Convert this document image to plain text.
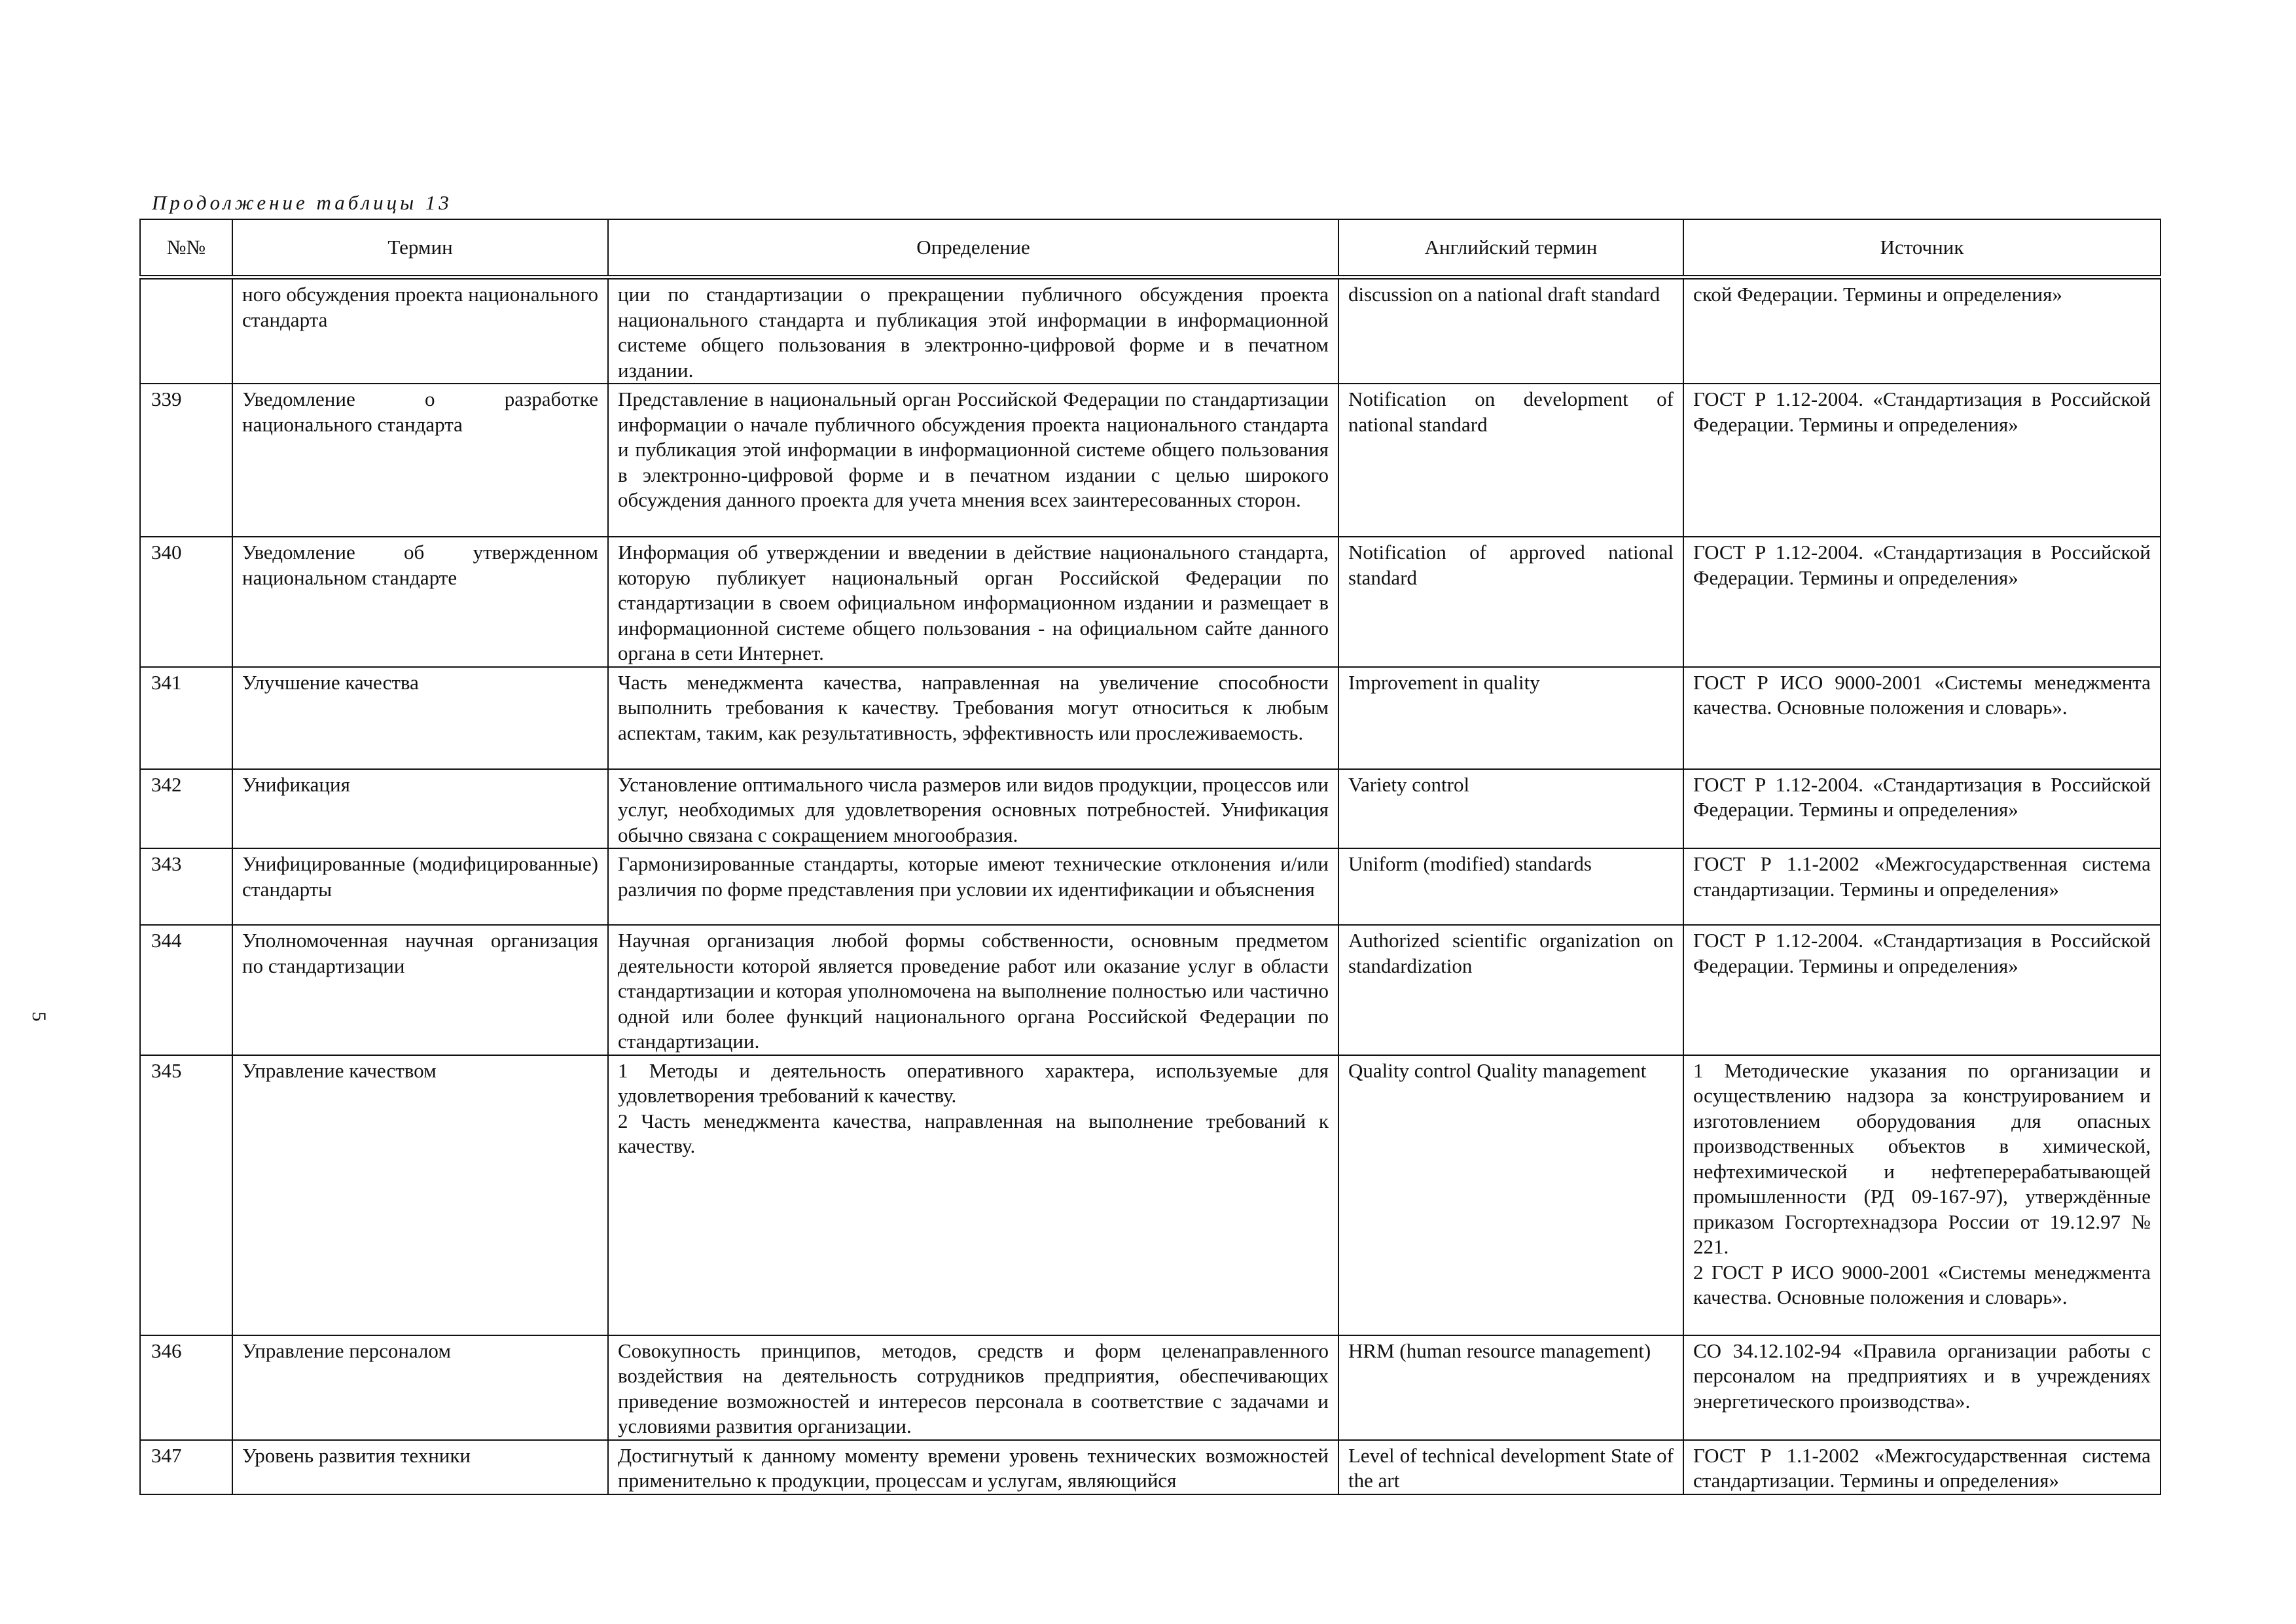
Продолжение таблицы 13
5
№№	Термин	Определение	Английский термин	Источник
	ного обсуждения проекта национального стандарта	ции по стандартизации о прекращении публичного обсуждения проекта национального стандарта и публикация этой информации в информационной системе общего пользования в электронно-цифровой форме и в печатном издании.	discussion on a national draft standard	ской Федерации. Термины и определения»
339	Уведомление о разработке национального стандарта	Представление в национальный орган Российской Федерации по стандартизации информации о начале публичного обсуждения проекта национального стандарта и публикация этой информации в информационной системе общего пользования в электронно-цифровой форме и в печатном издании с целью широкого обсуждения данного проекта для учета мнения всех заинтересованных сторон.	Notification on development of national standard	ГОСТ Р 1.12-2004. «Стандартизация в Российской Федерации. Термины и определения»
340	Уведомление об утвержденном национальном стандарте	Информация об утверждении и введении в действие национального стандарта, которую публикует национальный орган Российской Федерации по стандартизации в своем официальном информационном издании и размещает в информационной системе общего пользования - на официальном сайте данного органа в сети Интернет.	Notification of approved national standard	ГОСТ Р 1.12-2004. «Стандартизация в Российской Федерации. Термины и определения»
341	Улучшение качества	Часть менеджмента качества, направленная на увеличение способности выполнить требования к качеству. Требования могут относиться к любым аспектам, таким, как результативность, эффективность или прослеживаемость.	Improvement in quality	ГОСТ Р ИСО 9000-2001 «Системы менеджмента качества. Основные положения и словарь».
342	Унификация	Установление оптимального числа размеров или видов продукции, процессов или услуг, необходимых для удовлетворения основных потребностей. Унификация обычно связана с сокращением многообразия.	Variety control	ГОСТ Р 1.12-2004. «Стандартизация в Российской Федерации. Термины и определения»
343	Унифицированные (модифицированные) стандарты	Гармонизированные стандарты, которые имеют технические отклонения и/или различия по форме представления при условии их идентификации и объяснения	Uniform (modified) standards	ГОСТ Р 1.1-2002 «Межгосударственная система стандартизации. Термины и определения»
344	Уполномоченная научная организация по стандартизации	Научная организация любой формы собственности, основным предметом деятельности которой является проведение работ или оказание услуг в области стандартизации и которая уполномочена на выполнение полностью или частично одной или более функций национального органа Российской Федерации по стандартизации.	Authorized scientific organization on standardization	ГОСТ Р 1.12-2004. «Стандартизация в Российской Федерации. Термины и определения»
345	Управление качеством	1 Методы и деятельность оперативного характера, используемые для удовлетворения требований к качеству.
2 Часть менеджмента качества, направленная на выполнение требований к качеству.	Quality control Quality management	1 Методические указания по организации и осуществлению надзора за конструированием и изготовлением оборудования для опасных производственных объектов в химической, нефтехимической и нефтеперерабатывающей промышленности (РД 09-167-97), утверждённые приказом Госгортехнадзора России от 19.12.97 № 221.
2 ГОСТ Р ИСО 9000-2001 «Системы менеджмента качества. Основные положения и словарь».

346	Управление персоналом	Совокупность принципов, методов, средств и форм целенаправленного воздействия на деятельность сотрудников предприятия, обеспечивающих приведение возможностей и интересов персонала в соответствие с задачами и условиями развития организации.	HRM (human resource management)	СО 34.12.102-94 «Правила организации работы с персоналом на предприятиях и в учреждениях энергетического производства».
347	Уровень развития техники	Достигнутый к данному моменту времени уровень технических возможностей применительно к продукции, процессам и услугам, являющийся	Level of technical development State of the art	ГОСТ Р 1.1-2002 «Межгосударственная система стандартизации. Термины и определения»
